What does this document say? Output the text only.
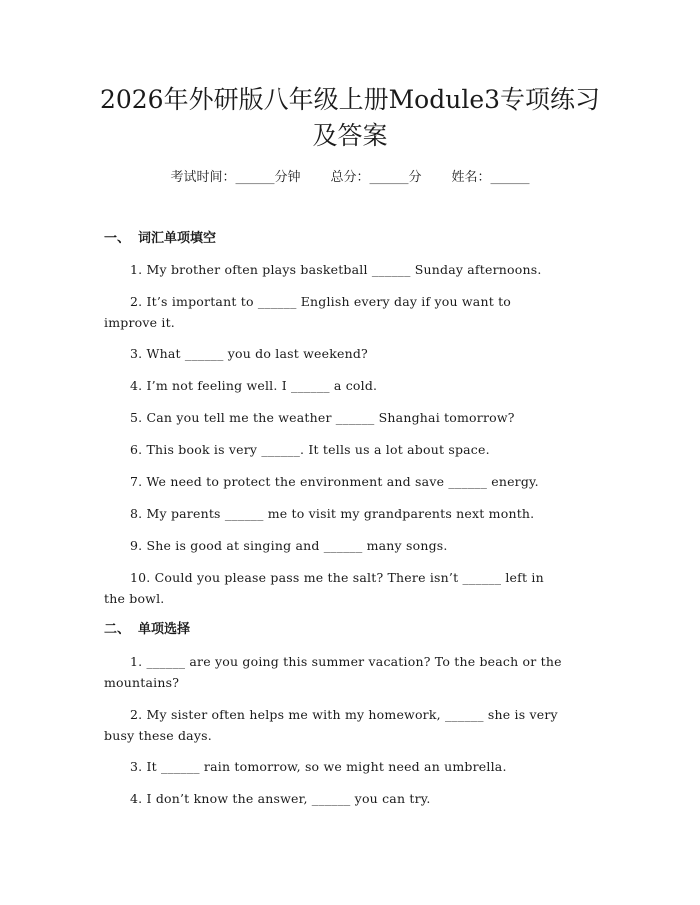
2026年外研版八年级上册Module3专项练习
及答案
考试时间：______分钟 总分：______分 姓名：______
一、 词汇单项填空
1. My brother often plays basketball ______ Sunday afternoons.
2. It’s important to ______ English every day if you want to
improve it.
3. What ______ you do last weekend?
4. I’m not feeling well. I ______ a cold.
5. Can you tell me the weather ______ Shanghai tomorrow?
6. This book is very ______. It tells us a lot about space.
7. We need to protect the environment and save ______ energy.
8. My parents ______ me to visit my grandparents next month.
9. She is good at singing and ______ many songs.
10. Could you please pass me the salt? There isn’t ______ left in
the bowl.
二、 单项选择
1. ______ are you going this summer vacation? To the beach or the
mountains?
2. My sister often helps me with my homework, ______ she is very
busy these days.
3. It ______ rain tomorrow, so we might need an umbrella.
4. I don’t know the answer, ______ you can try.
